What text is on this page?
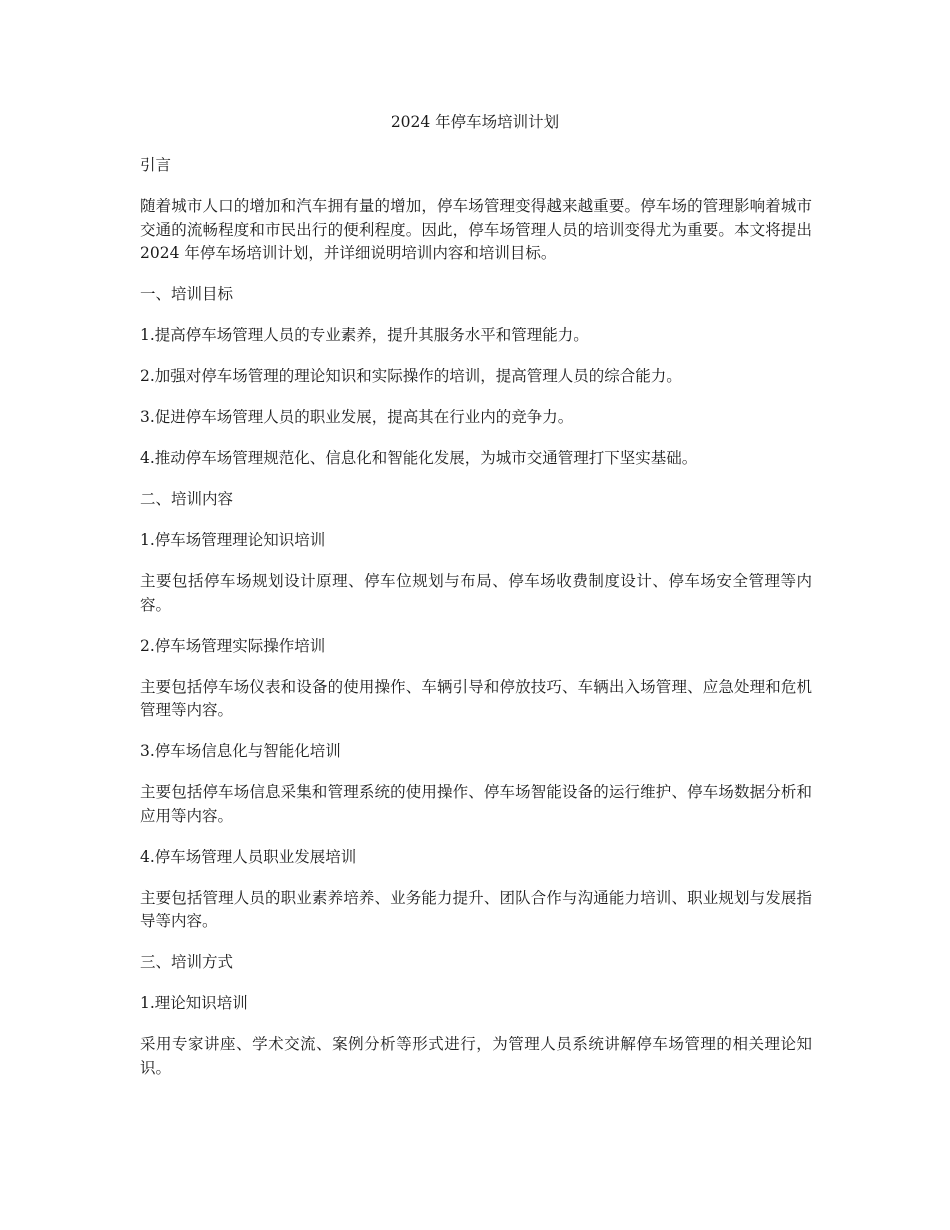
2024 年停车场培训计划

引言

随着城市人口的增加和汽车拥有量的增加，停车场管理变得越来越重要。停车场的管理影响着城市交通的流畅程度和市民出行的便利程度。因此，停车场管理人员的培训变得尤为重要。本文将提出 2024 年停车场培训计划，并详细说明培训内容和培训目标。

一、培训目标

1.提高停车场管理人员的专业素养，提升其服务水平和管理能力。

2.加强对停车场管理的理论知识和实际操作的培训，提高管理人员的综合能力。

3.促进停车场管理人员的职业发展，提高其在行业内的竞争力。

4.推动停车场管理规范化、信息化和智能化发展，为城市交通管理打下坚实基础。

二、培训内容

1.停车场管理理论知识培训

主要包括停车场规划设计原理、停车位规划与布局、停车场收费制度设计、停车场安全管理等内容。

2.停车场管理实际操作培训

主要包括停车场仪表和设备的使用操作、车辆引导和停放技巧、车辆出入场管理、应急处理和危机管理等内容。

3.停车场信息化与智能化培训

主要包括停车场信息采集和管理系统的使用操作、停车场智能设备的运行维护、停车场数据分析和应用等内容。

4.停车场管理人员职业发展培训

主要包括管理人员的职业素养培养、业务能力提升、团队合作与沟通能力培训、职业规划与发展指导等内容。

三、培训方式

1.理论知识培训

采用专家讲座、学术交流、案例分析等形式进行，为管理人员系统讲解停车场管理的相关理论知识。
